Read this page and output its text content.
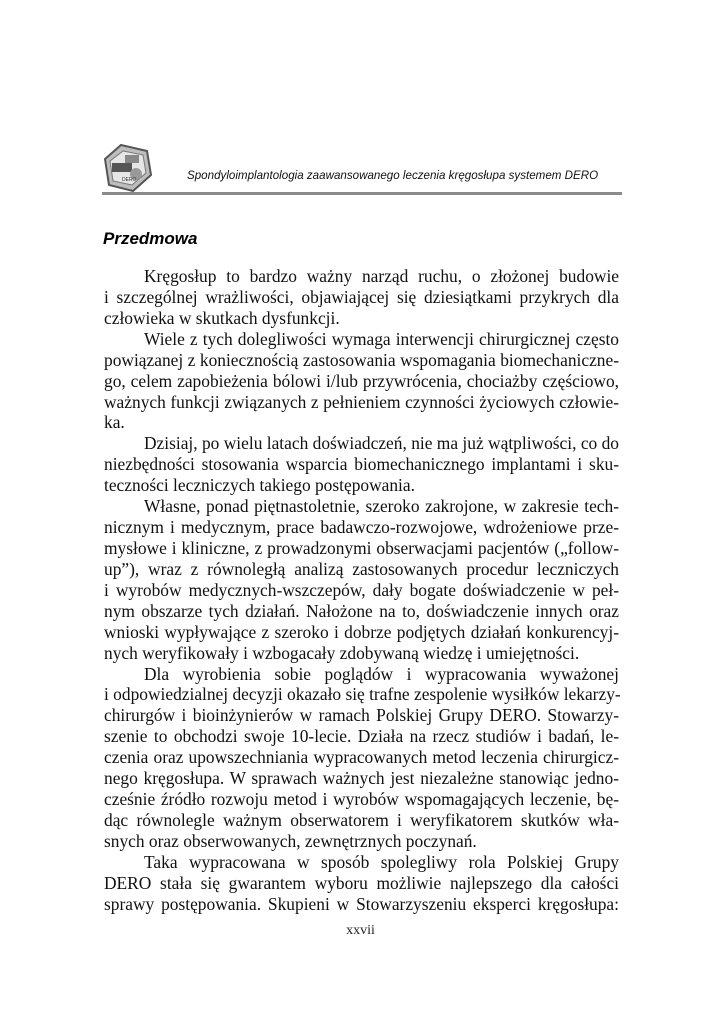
DERO	Spondyloimplantologia zaawansowanego leczenia kręgosłupa systemem DERO
Przedmowa
Kręgosłup to bardzo ważny narząd ruchu, o złożonej budowie
i szczególnej wrażliwości, objawiającej się dziesiątkami przykrych dla
człowieka w skutkach dysfunkcji.
Wiele z tych dolegliwości wymaga interwencji chirurgicznej często
powiązanej z koniecznością zastosowania wspomagania biomechaniczne-
go, celem zapobieżenia bólowi i/lub przywrócenia, chociażby częściowo,
ważnych funkcji związanych z pełnieniem czynności życiowych człowie-
ka.
Dzisiaj, po wielu latach doświadczeń, nie ma już wątpliwości, co do
niezbędności stosowania wsparcia biomechanicznego implantami i sku-
teczności leczniczych takiego postępowania.
Własne, ponad piętnastoletnie, szeroko zakrojone, w zakresie tech-
nicznym i medycznym, prace badawczo-rozwojowe, wdrożeniowe prze-
mysłowe i kliniczne, z prowadzonymi obserwacjami pacjentów („follow-
up”), wraz z równoległą analizą zastosowanych procedur leczniczych
i wyrobów medycznych-wszczepów, dały bogate doświadczenie w peł-
nym obszarze tych działań. Nałożone na to, doświadczenie innych oraz
wnioski wypływające z szeroko i dobrze podjętych działań konkurencyj-
nych weryfikowały i wzbogacały zdobywaną wiedzę i umiejętności.
Dla wyrobienia sobie poglądów i wypracowania wyważonej
i odpowiedzialnej decyzji okazało się trafne zespolenie wysiłków lekarzy-
chirurgów i bioinżynierów w ramach Polskiej Grupy DERO. Stowarzy-
szenie to obchodzi swoje 10-lecie. Działa na rzecz studiów i badań, le-
czenia oraz upowszechniania wypracowanych metod leczenia chirurgicz-
nego kręgosłupa. W sprawach ważnych jest niezależne stanowiąc jedno-
cześnie źródło rozwoju metod i wyrobów wspomagających leczenie, bę-
dąc równolegle ważnym obserwatorem i weryfikatorem skutków wła-
snych oraz obserwowanych, zewnętrznych poczynań.
Taka wypracowana w sposób spolegliwy rola Polskiej Grupy
DERO stała się gwarantem wyboru możliwie najlepszego dla całości
sprawy postępowania. Skupieni w Stowarzyszeniu eksperci kręgosłupa:
xxvii
